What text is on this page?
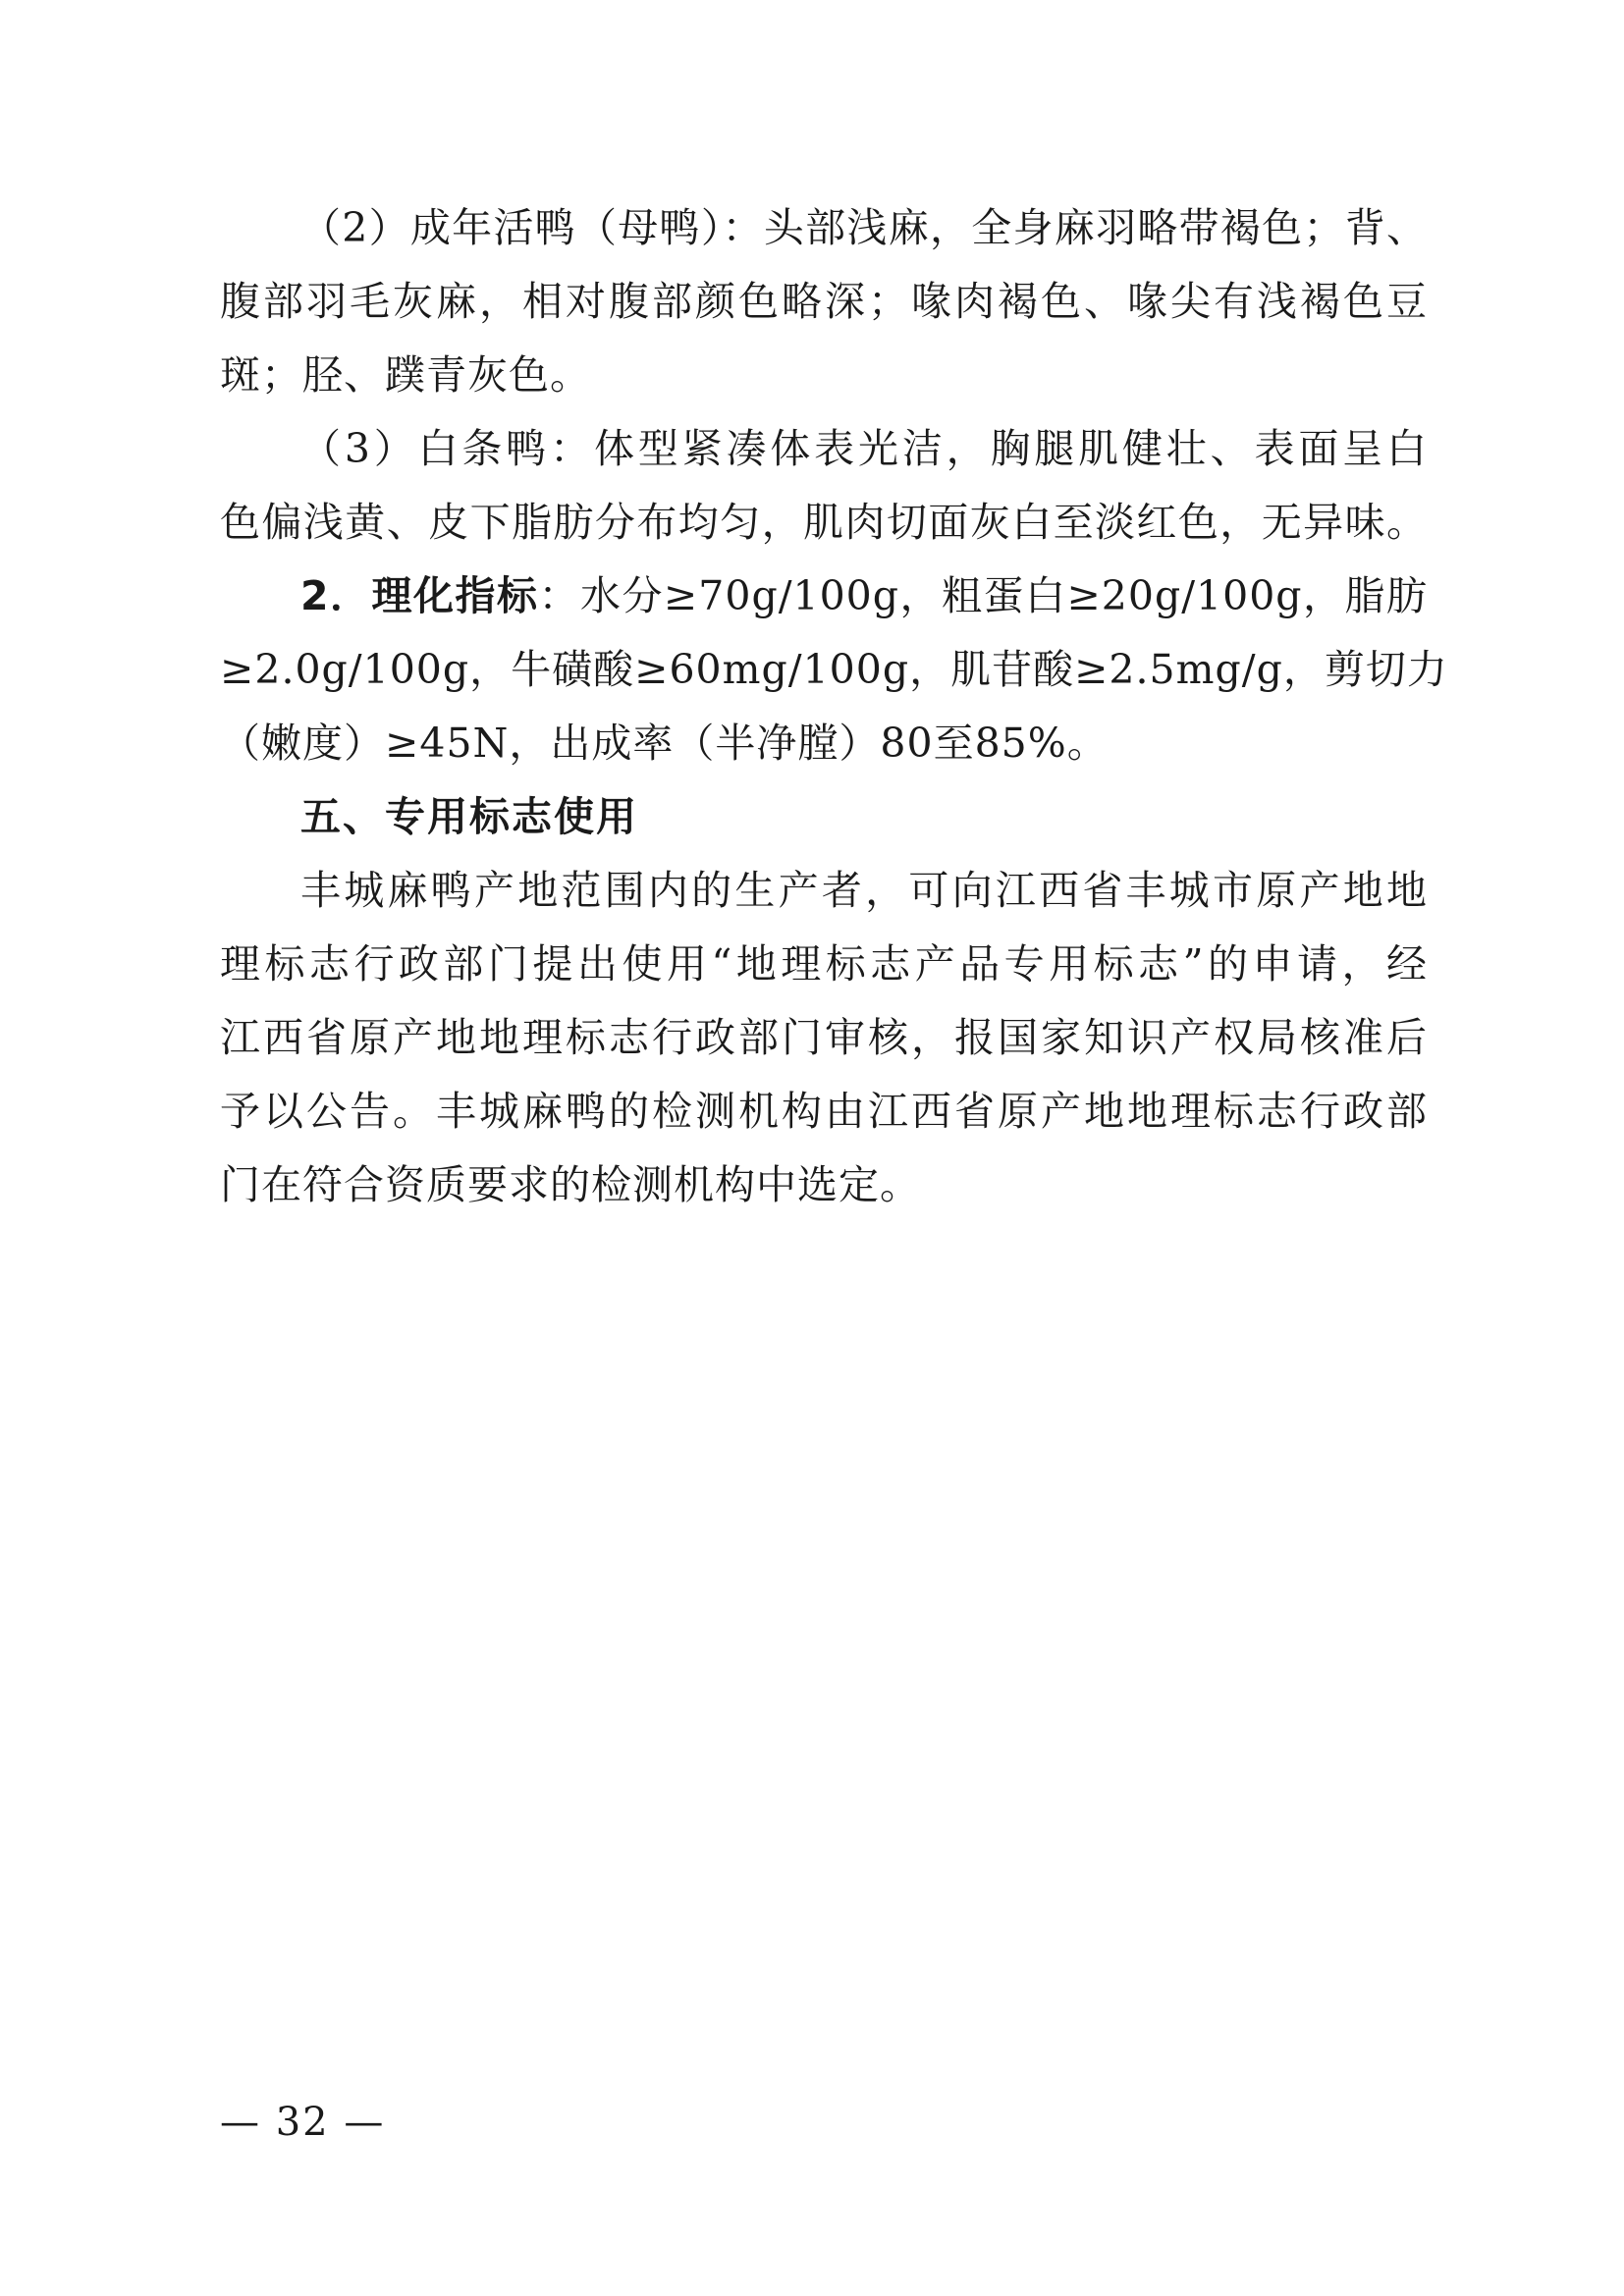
（2）成年活鸭（母鸭）：头部浅麻，全身麻羽略带褐色；背、
腹部羽毛灰麻，相对腹部颜色略深；喙肉褐色、喙尖有浅褐色豆
斑；胫、蹼青灰色。
（3）白条鸭：体型紧凑体表光洁，胸腿肌健壮、表面呈白
色偏浅黄、皮下脂肪分布均匀，肌肉切面灰白至淡红色，无异味。
2．理化指标：水分≥70g/100g，粗蛋白≥20g/100g，脂肪
≥2.0g/100g，牛磺酸≥60mg/100g，肌苷酸≥2.5mg/g，剪切力
（嫩度）≥45N，出成率（半净膛）80至85%。
五、专用标志使用
丰城麻鸭产地范围内的生产者，可向江西省丰城市原产地地
理标志行政部门提出使用“地理标志产品专用标志”的申请，经
江西省原产地地理标志行政部门审核，报国家知识产权局核准后
予以公告。丰城麻鸭的检测机构由江西省原产地地理标志行政部
门在符合资质要求的检测机构中选定。
— 32 —
